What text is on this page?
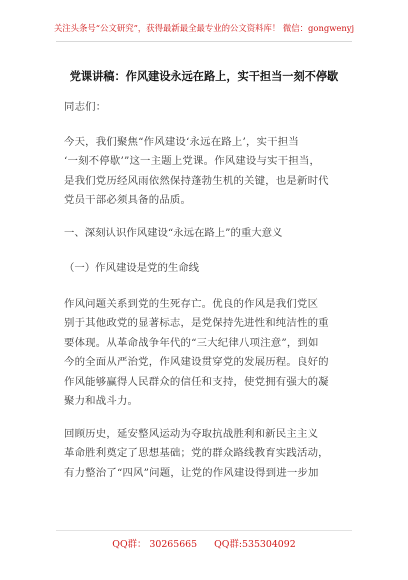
关注头条号“公文研究”，获得最新最全最专业的公文资料库！ 微信：gongwenyj
党课讲稿：作风建设永远在路上，实干担当一刻不停歇
同志们：
今天，我们聚焦“作风建设‘永远在路上’，实干担当
‘一刻不停歇’”这一主题上党课。作风建设与实干担当，
是我们党历经风雨依然保持蓬勃生机的关键，也是新时代
党员干部必须具备的品质。
一、深刻认识作风建设“永远在路上”的重大意义
（一）作风建设是党的生命线
作风问题关系到党的生死存亡。优良的作风是我们党区
别于其他政党的显著标志，是党保持先进性和纯洁性的重
要体现。从革命战争年代的“三大纪律八项注意”，到如
今的全面从严治党，作风建设贯穿党的发展历程。良好的
作风能够赢得人民群众的信任和支持，使党拥有强大的凝
聚力和战斗力。
回顾历史，延安整风运动为夺取抗战胜利和新民主主义
革命胜利奠定了思想基础；党的群众路线教育实践活动，
有力整治了“四风”问题，让党的作风建设得到进一步加
QQ群： 30265665 QQ群:535304092
